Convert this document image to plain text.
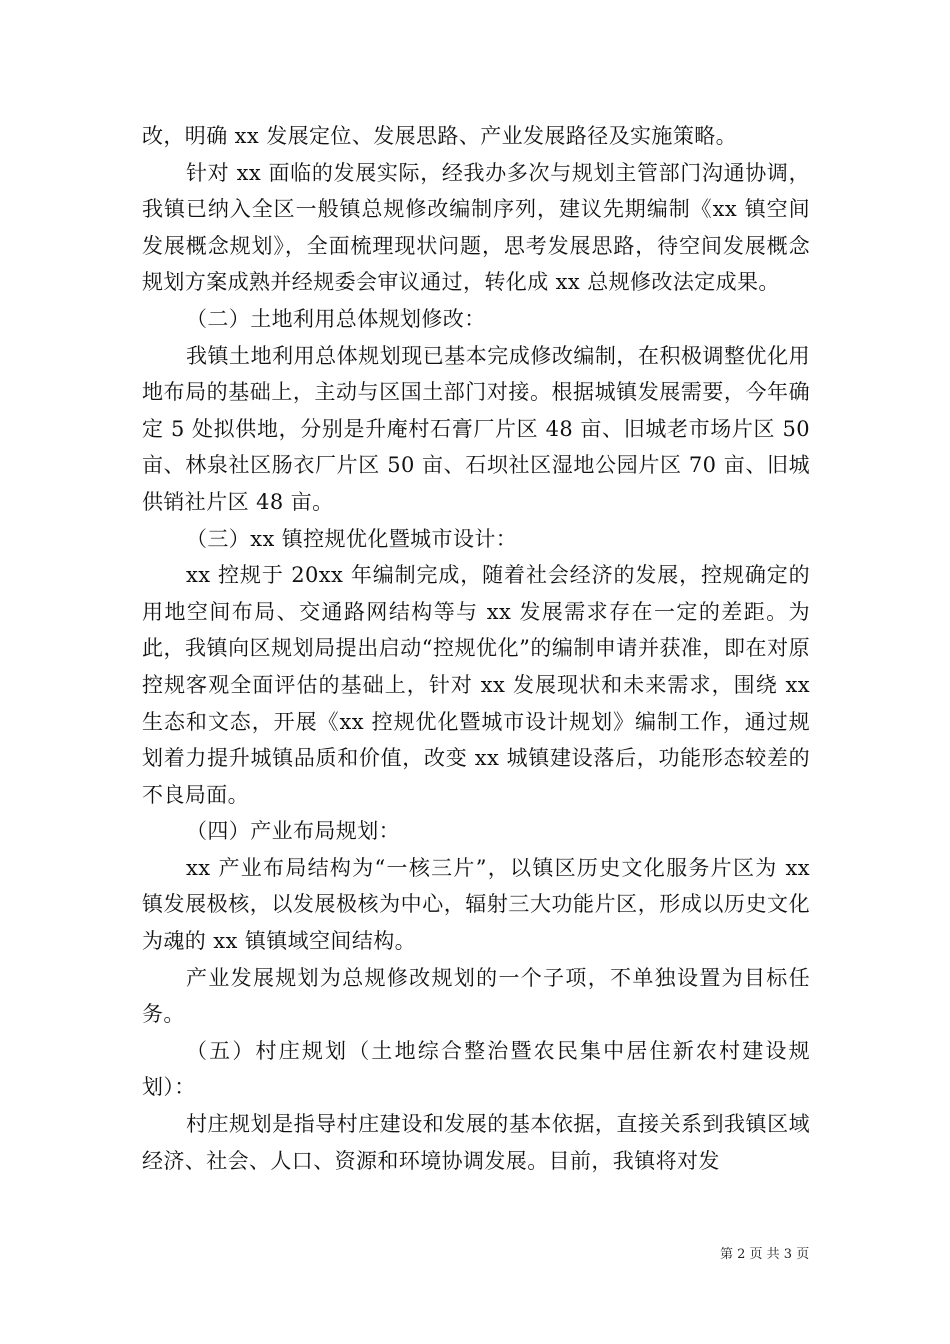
改，明确 xx 发展定位、发展思路、产业发展路径及实施策略。

针对 xx 面临的发展实际，经我办多次与规划主管部门沟通协调，我镇已纳入全区一般镇总规修改编制序列，建议先期编制《xx 镇空间发展概念规划》，全面梳理现状问题，思考发展思路，待空间发展概念规划方案成熟并经规委会审议通过，转化成 xx 总规修改法定成果。

（二）土地利用总体规划修改：

我镇土地利用总体规划现已基本完成修改编制，在积极调整优化用地布局的基础上，主动与区国土部门对接。根据城镇发展需要，今年确定 5 处拟供地，分别是升庵村石膏厂片区 48 亩、旧城老市场片区 50 亩、林泉社区肠衣厂片区 50 亩、石坝社区湿地公园片区 70 亩、旧城供销社片区 48 亩。

（三）xx 镇控规优化暨城市设计：

xx 控规于 20xx 年编制完成，随着社会经济的发展，控规确定的用地空间布局、交通路网结构等与 xx 发展需求存在一定的差距。为此，我镇向区规划局提出启动“控规优化”的编制申请并获准，即在对原控规客观全面评估的基础上，针对 xx 发展现状和未来需求，围绕 xx 生态和文态，开展《xx 控规优化暨城市设计规划》编制工作，通过规划着力提升城镇品质和价值，改变 xx 城镇建设落后，功能形态较差的不良局面。

（四）产业布局规划：

xx 产业布局结构为“一核三片”，以镇区历史文化服务片区为 xx 镇发展极核，以发展极核为中心，辐射三大功能片区，形成以历史文化为魂的 xx 镇镇域空间结构。

产业发展规划为总规修改规划的一个子项，不单独设置为目标任务。

（五）村庄规划（土地综合整治暨农民集中居住新农村建设规划）：

村庄规划是指导村庄建设和发展的基本依据，直接关系到我镇区域经济、社会、人口、资源和环境协调发展。目前，我镇将对发

第 2 页 共 3 页
